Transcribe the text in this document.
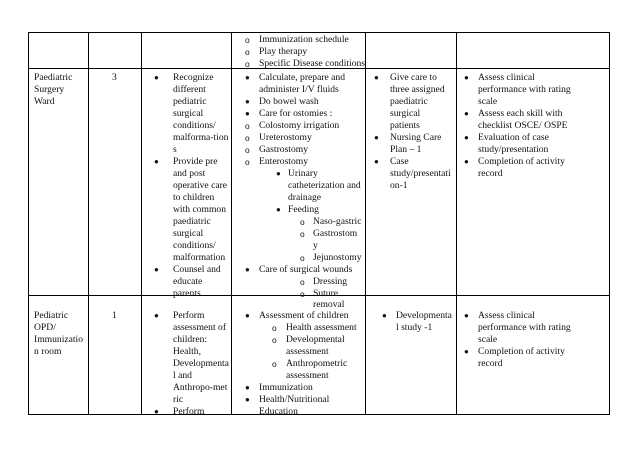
o Immunization schedule
o Play therapy
o Specific Disease conditions
Paediatric
Surgery
Ward
3	● Recognize
different
pediatric
surgical
conditions/
malforma-tion
s
● Provide pre
and post
operative care
to children
with common
paediatric
surgical
conditions/
malformation
● Counsel and
educate
parents
● Calculate, prepare and
administer I/V fluids
● Do bowel wash
● Care for ostomies :
o Colostomy irrigation
o Ureterostomy
o Gastrostomy
o Enterostomy
● Urinary
catheterization and
drainage
● Feeding
o Naso-gastric
o Gastrostom
y
o Jejunostomy
● Care of surgical wounds
o Dressing
o Suture
removal
● Give care to
three assigned
paediatric
surgical
patients
● Nursing Care
Plan – 1
● Case
study/presentati
on-1
● Assess clinical
performance with rating
scale
● Assess each skill with
checklist OSCE/ OSPE
● Evaluation of case
study/presentation
● Completion of activity
record
Pediatric
OPD/
Immunizatio
n room
1	● Perform
assessment of
children:
Health,
Developmenta
l and
Anthropo-met
ric
● Perform
● Assessment of children
o Health assessment
o Developmental
assessment
o Anthropometric
assessment
● Immunization
● Health/Nutritional
Education
● Developmenta
l study -1
● Assess clinical
performance with rating
scale
● Completion of activity
record
